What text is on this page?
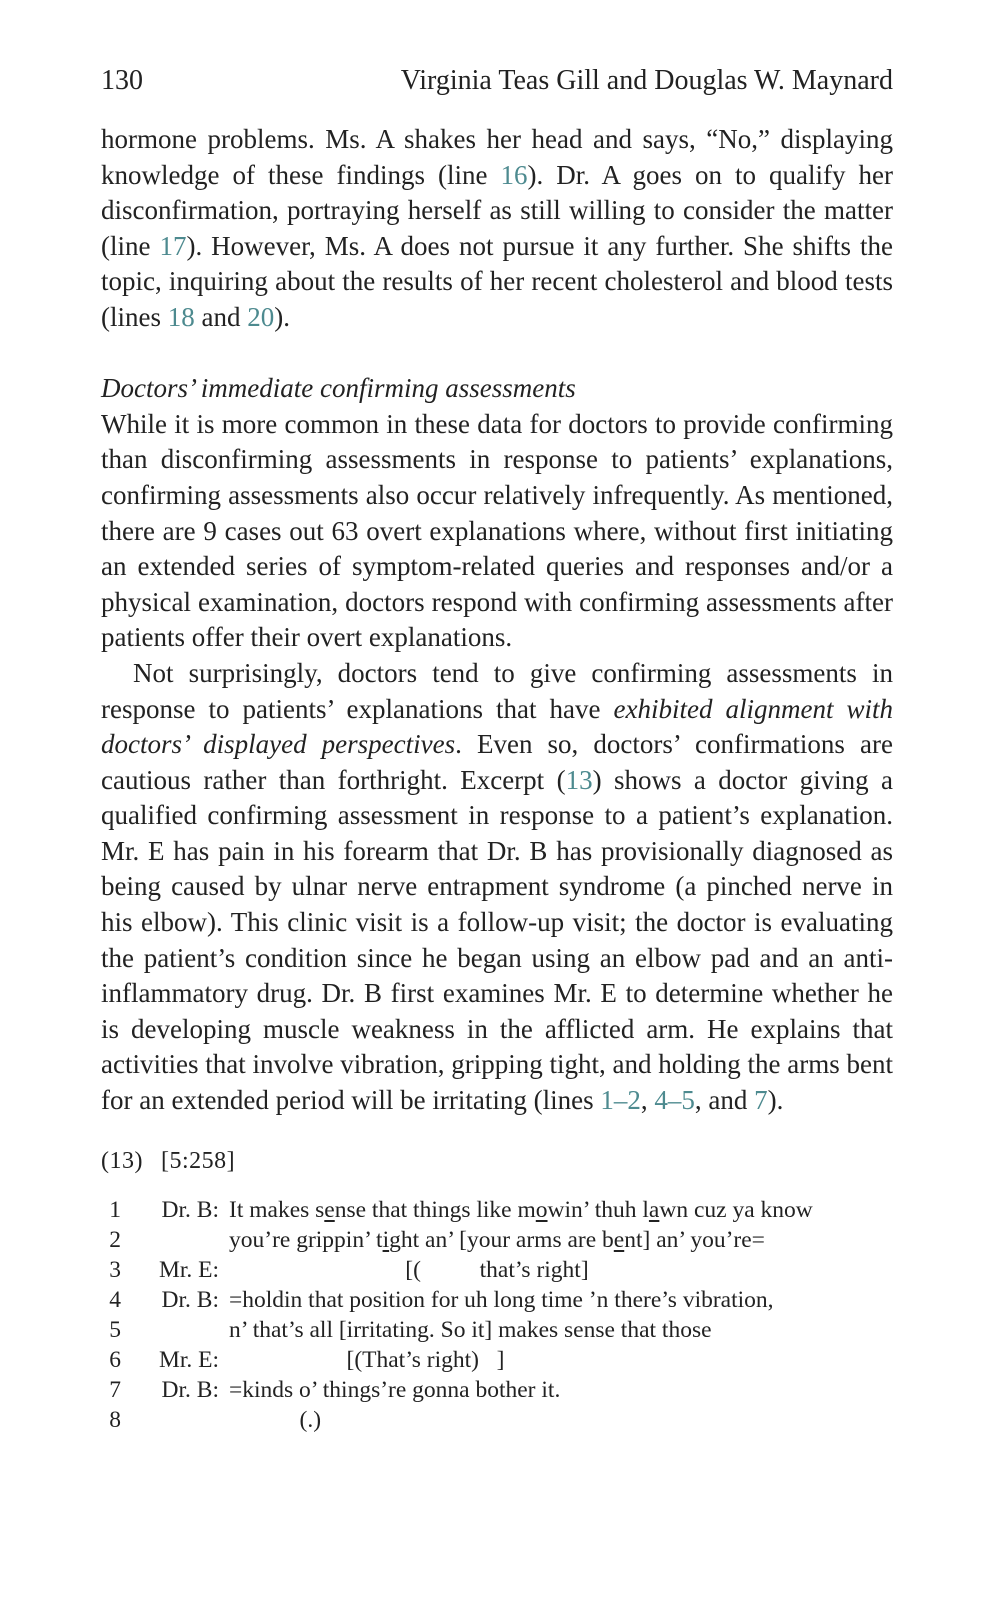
130	Virginia Teas Gill and Douglas W. Maynard

hormone problems. Ms. A shakes her head and says, “No,” displaying knowledge of these findings (line 16). Dr. A goes on to qualify her disconfirmation, portraying herself as still willing to consider the matter (line 17). However, Ms. A does not pursue it any further. She shifts the topic, inquiring about the results of her recent cholesterol and blood tests (lines 18 and 20).

Doctors’ immediate confirming assessments

While it is more common in these data for doctors to provide confirming than disconfirming assessments in response to patients’ explanations, confirming assessments also occur relatively infrequently. As mentioned, there are 9 cases out 63 overt explanations where, without first initiating an extended series of symptom-related queries and responses and/or a physical examination, doctors respond with confirming assessments after patients offer their overt explanations.

Not surprisingly, doctors tend to give confirming assessments in response to patients’ explanations that have exhibited alignment with doctors’ displayed perspectives. Even so, doctors’ confirmations are cautious rather than forthright. Excerpt (13) shows a doctor giving a qualified confirming assessment in response to a patient’s explanation. Mr. E has pain in his forearm that Dr. B has provisionally diagnosed as being caused by ulnar nerve entrapment syndrome (a pinched nerve in his elbow). This clinic visit is a follow-up visit; the doctor is evaluating the patient’s condition since he began using an elbow pad and an anti-inflammatory drug. Dr. B first examines Mr. E to determine whether he is developing muscle weakness in the afflicted arm. He explains that activities that involve vibration, gripping tight, and holding the arms bent for an extended period will be irritating (lines 1–2, 4–5, and 7).

(13) [5:258]
1	Dr. B: It makes sense that things like mowin’ thuh lawn cuz ya know
2	you’re grippin’ tight an’ [your arms are bent] an’ you’re=
3	Mr. E: [(          that’s right]
4	Dr. B: =holdin that position for uh long time ’n there’s vibration,
5	n’ that’s all [irritating. So it] makes sense that those
6	Mr. E: [(That’s right)   ]
7	Dr. B: =kinds o’ things’re gonna bother it.
8	(.)
